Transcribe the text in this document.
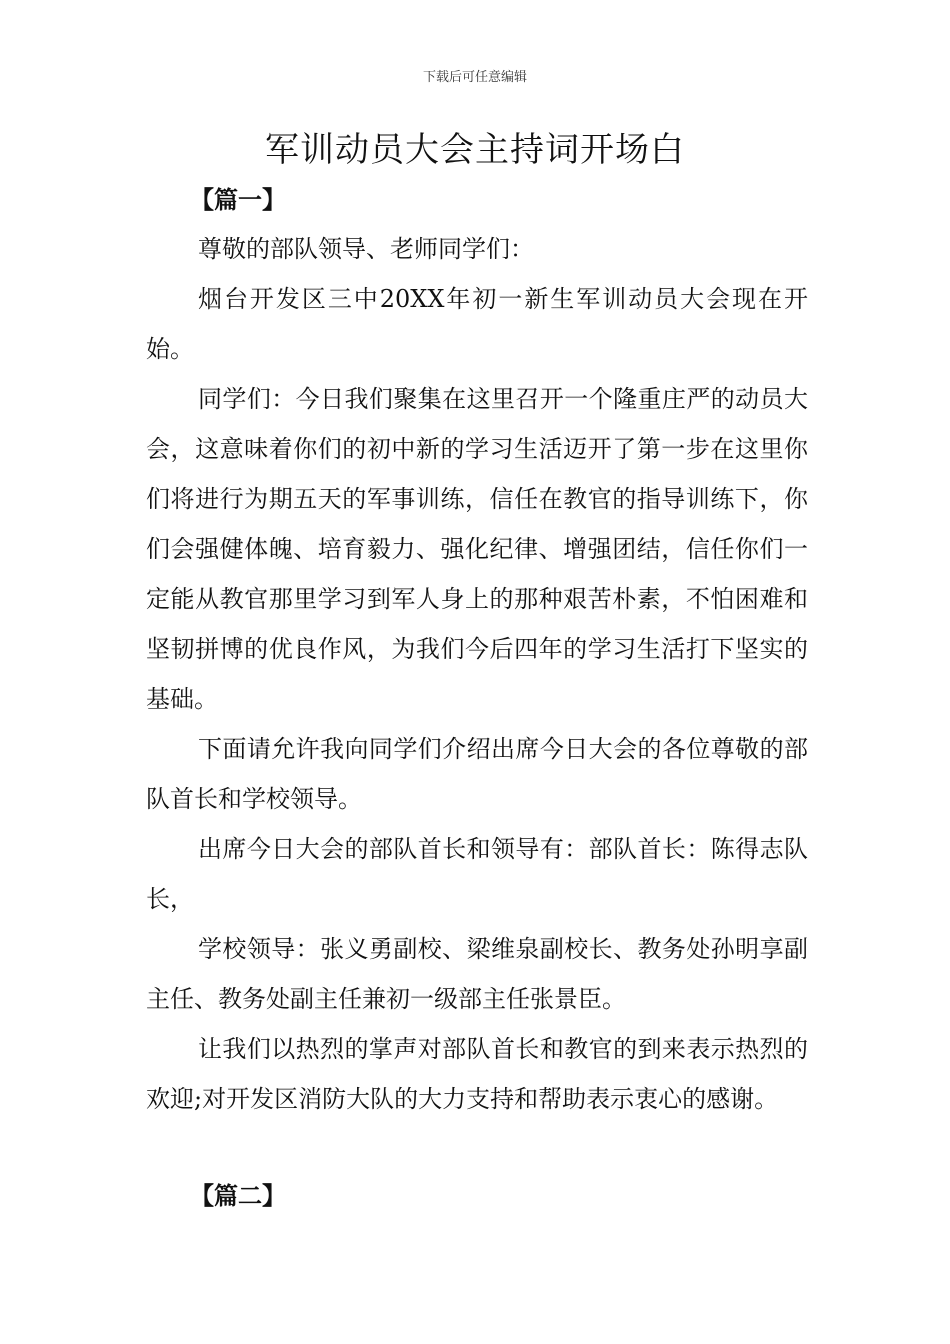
下载后可任意编辑
军训动员大会主持词开场白
【篇一】

尊敬的部队领导、老师同学们：

烟台开发区三中20XX年初一新生军训动员大会现在开始。

同学们：今日我们聚集在这里召开一个隆重庄严的动员大会，这意味着你们的初中新的学习生活迈开了第一步在这里你们将进行为期五天的军事训练，信任在教官的指导训练下，你们会强健体魄、培育毅力、强化纪律、增强团结，信任你们一定能从教官那里学习到军人身上的那种艰苦朴素，不怕困难和坚韧拼博的优良作风，为我们今后四年的学习生活打下坚实的基础。

下面请允许我向同学们介绍出席今日大会的各位尊敬的部队首长和学校领导。

出席今日大会的部队首长和领导有：部队首长：陈得志队长，

学校领导：张义勇副校、梁维泉副校长、教务处孙明享副主任、教务处副主任兼初一级部主任张景臣。

让我们以热烈的掌声对部队首长和教官的到来表示热烈的欢迎;对开发区消防大队的大力支持和帮助表示衷心的感谢。

【篇二】
